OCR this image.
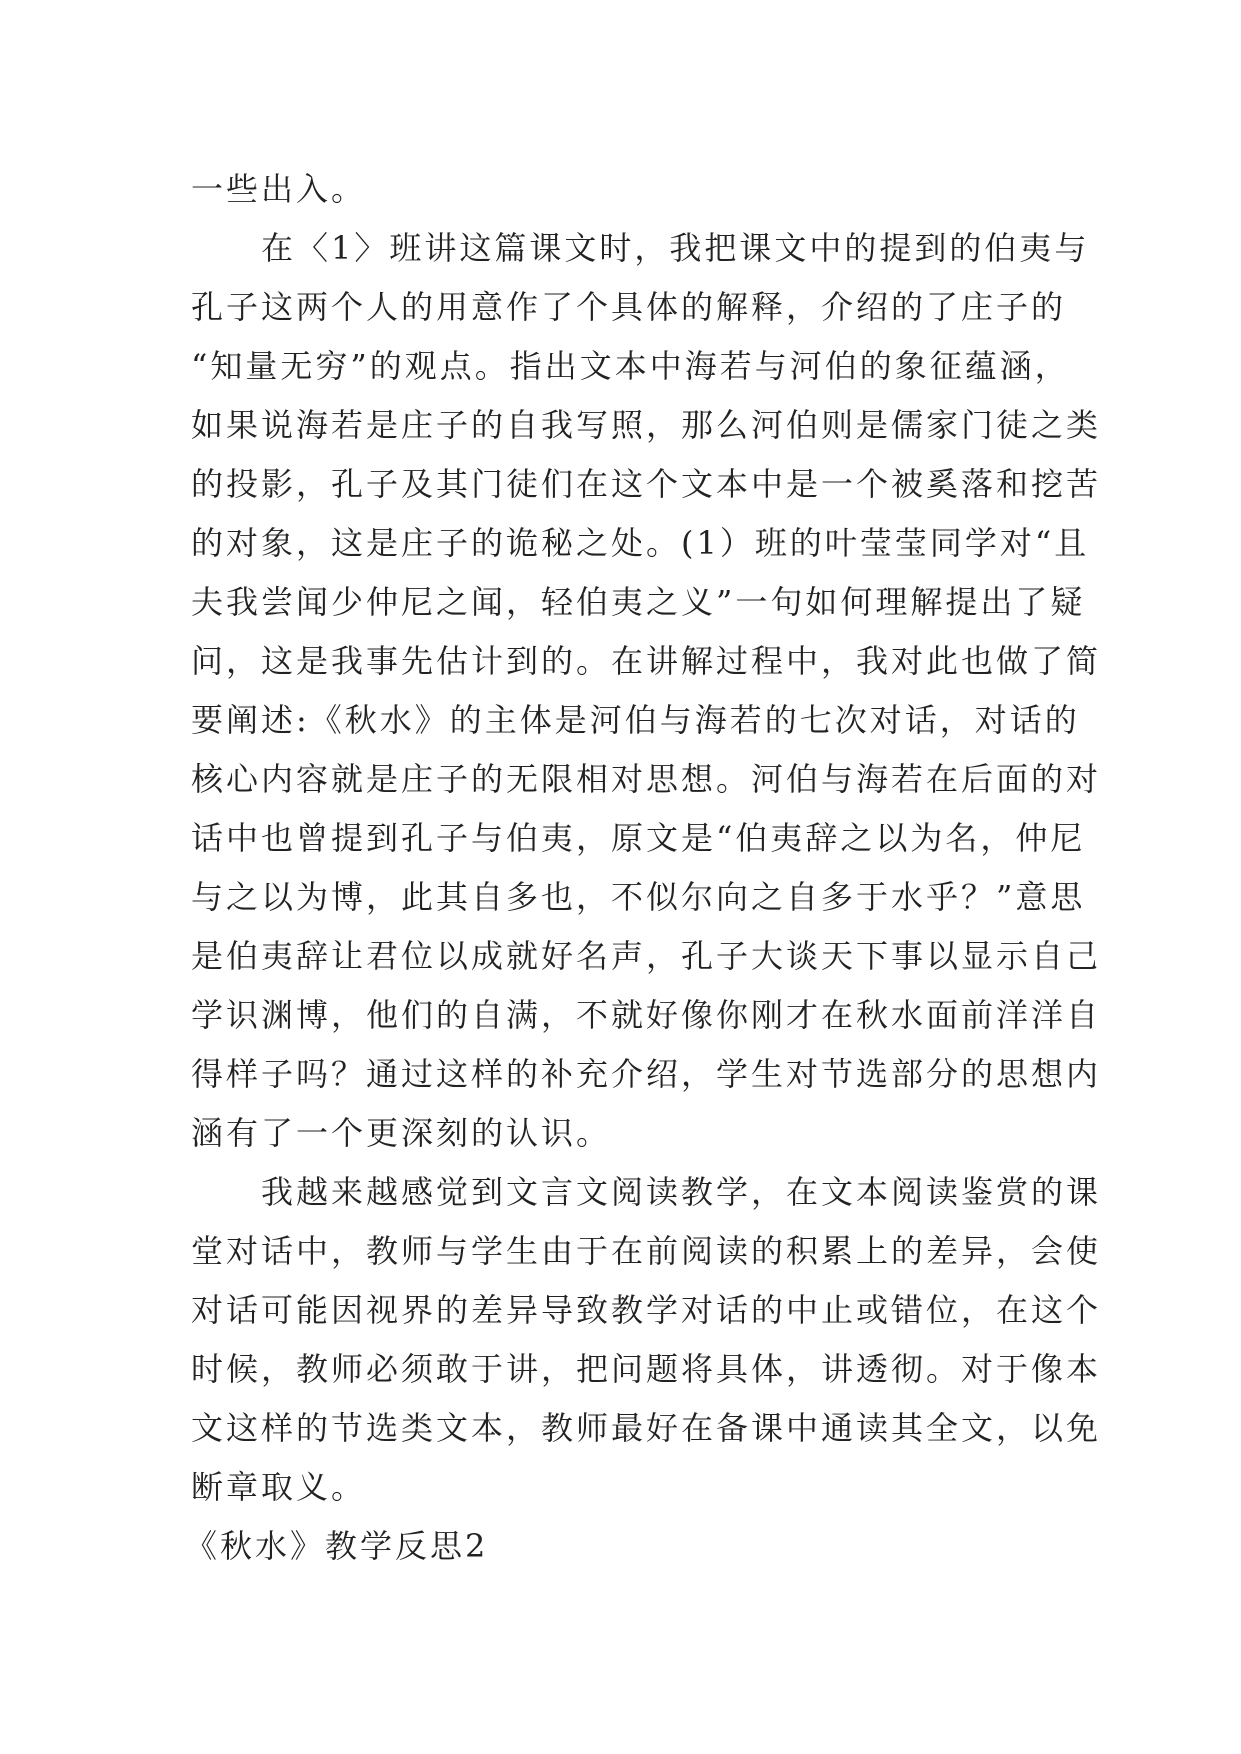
一些出入。
在〈1〉班讲这篇课文时，我把课文中的提到的伯夷与
孔子这两个人的用意作了个具体的解释，介绍的了庄子的
“知量无穷”的观点。指出文本中海若与河伯的象征蕴涵，
如果说海若是庄子的自我写照，那么河伯则是儒家门徒之类
的投影，孔子及其门徒们在这个文本中是一个被奚落和挖苦
的对象，这是庄子的诡秘之处。(1）班的叶莹莹同学对“且
夫我尝闻少仲尼之闻，轻伯夷之义”一句如何理解提出了疑
问，这是我事先估计到的。在讲解过程中，我对此也做了简
要阐述:《秋水》的主体是河伯与海若的七次对话，对话的
核心内容就是庄子的无限相对思想。河伯与海若在后面的对
话中也曾提到孔子与伯夷，原文是“伯夷辞之以为名，仲尼
与之以为博，此其自多也，不似尔向之自多于水乎？”意思
是伯夷辞让君位以成就好名声，孔子大谈天下事以显示自己
学识渊博，他们的自满，不就好像你刚才在秋水面前洋洋自
得样子吗？通过这样的补充介绍，学生对节选部分的思想内
涵有了一个更深刻的认识。
我越来越感觉到文言文阅读教学，在文本阅读鉴赏的课
堂对话中，教师与学生由于在前阅读的积累上的差异，会使
对话可能因视界的差异导致教学对话的中止或错位，在这个
时候，教师必须敢于讲，把问题将具体，讲透彻。对于像本
文这样的节选类文本，教师最好在备课中通读其全文，以免
断章取义。
《秋水》教学反思2
